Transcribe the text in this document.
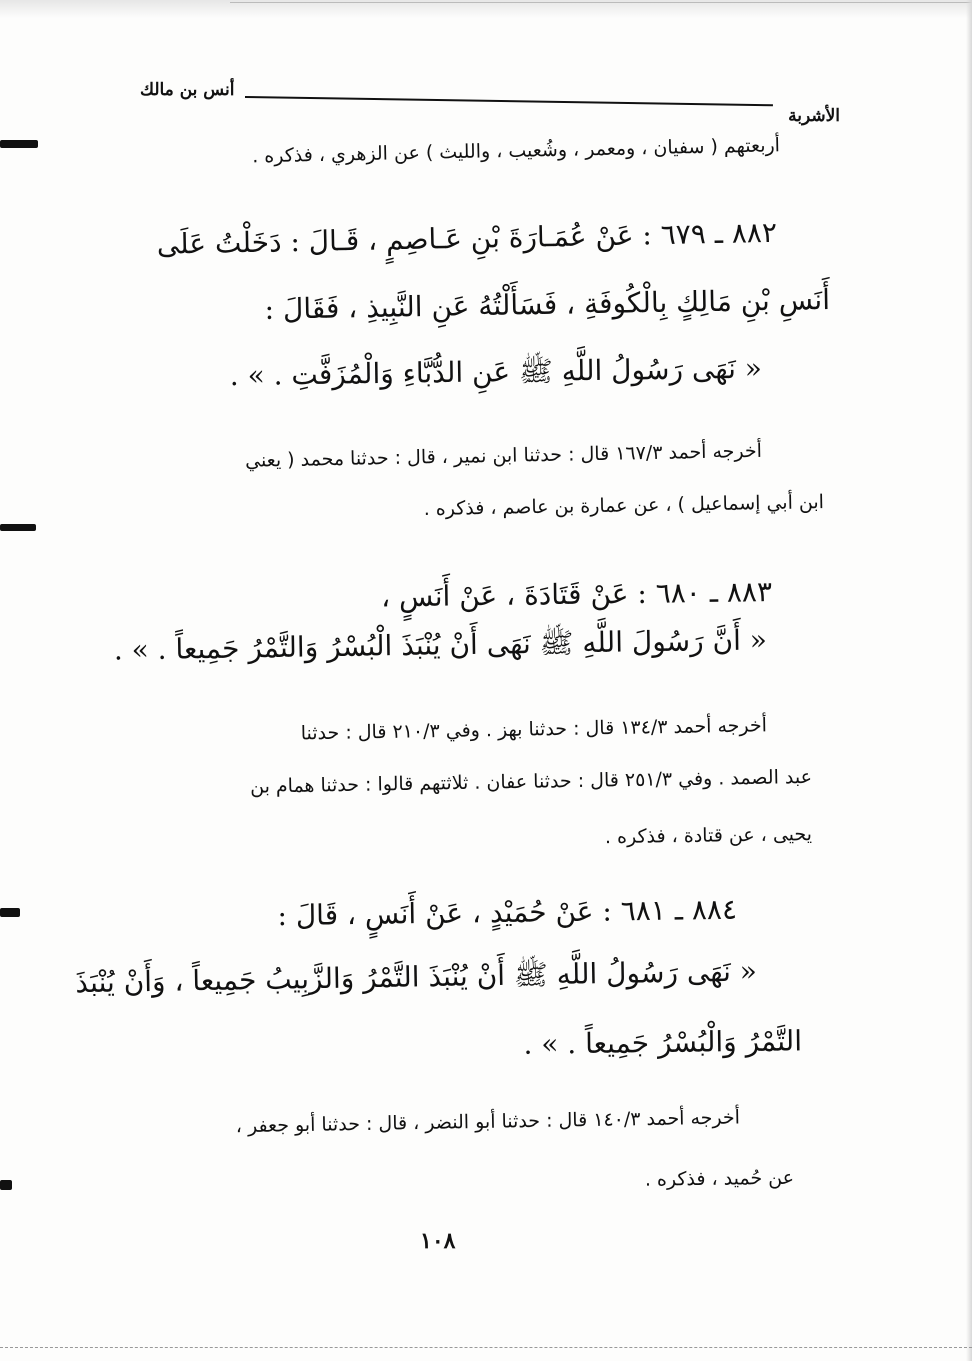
أنس بن مالك
الأشربة
أربعتهم ( سفيان ، ومعمر ، وشُعيب ، والليث ) عن الزهري ، فذكره .
٨٨٢ ـ ٦٧٩ : عَنْ عُمَـارَةَ بْنِ عَـاصِمٍ ، قَـالَ : دَخَلْتُ عَلَى
أَنَسِ بْنِ مَالِكٍ بِالْكُوفَةِ ، فَسَأَلْتُهُ عَنِ النَّبِيذِ ، فَقَالَ :
« نَهَى رَسُولُ اللَّهِ ﷺ عَنِ الدُّبَّاءِ وَالْمُزَفَّتِ . » .
أخرجه أحمد ١٦٧/٣ قال : حدثنا ابن نمير ، قال : حدثنا محمد ( يعني
ابن أبي إسماعيل ) ، عن عمارة بن عاصم ، فذكره .
٨٨٣ ـ ٦٨٠ : عَنْ قَتَادَةَ ، عَنْ أَنَسٍ ،
« أَنَّ رَسُولَ اللَّهِ ﷺ نَهَى أَنْ يُنْبَذَ الْبُسْرُ وَالتَّمْرُ جَمِيعاً . » .
أخرجه أحمد ١٣٤/٣ قال : حدثنا بهز . وفي ٢١٠/٣ قال : حدثنا
عبد الصمد . وفي ٢٥١/٣ قال : حدثنا عفان . ثلاثتهم قالوا : حدثنا همام بن
يحيى ، عن قتادة ، فذكره .
٨٨٤ ـ ٦٨١ : عَنْ حُمَيْدٍ ، عَنْ أَنَسٍ ، قَالَ :
« نَهَى رَسُولُ اللَّهِ ﷺ أَنْ يُنْبَذَ التَّمْرُ وَالزَّبِيبُ جَمِيعاً ، وَأَنْ يُنْبَذَ
التَّمْرُ وَالْبُسْرُ جَمِيعاً . » .
أخرجه أحمد ١٤٠/٣ قال : حدثنا أبو النضر ، قال : حدثنا أبو جعفر ،
عن حُميد ، فذكره .
١٠٨
